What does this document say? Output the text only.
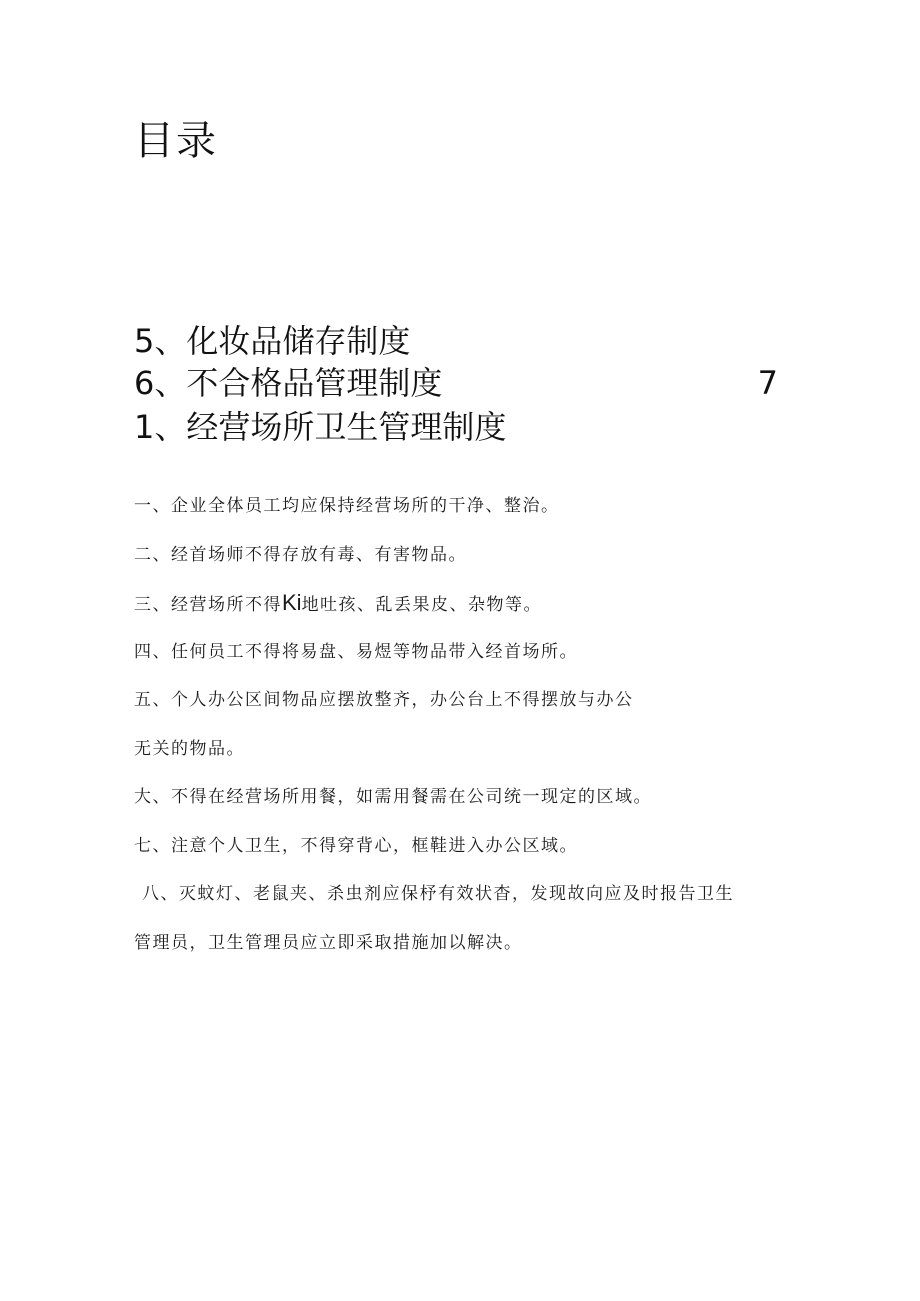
目录
5、化妆品储存制度
6、不合格品管理制度	7
1、经营场所卫生管理制度
一、企业全体员工均应保持经营场所的干净、整治。
二、经首场师不得存放有毒、有害物品。
三、经营场所不得Ki地吐孩、乱丢果皮、杂物等。
四、任何员工不得将易盘、易煜等物品带入经首场所。
五、个人办公区间物品应摆放整齐，办公台上不得摆放与办公
无关的物品。
大、不得在经营场所用餐，如需用餐需在公司统一现定的区域。
七、注意个人卫生，不得穿背心，框鞋进入办公区域。
八、灭蚊灯、老鼠夹、杀虫剂应保杼有效状杳，发现故向应及时报告卫生
管理员，卫生管理员应立即采取措施加以解决。
